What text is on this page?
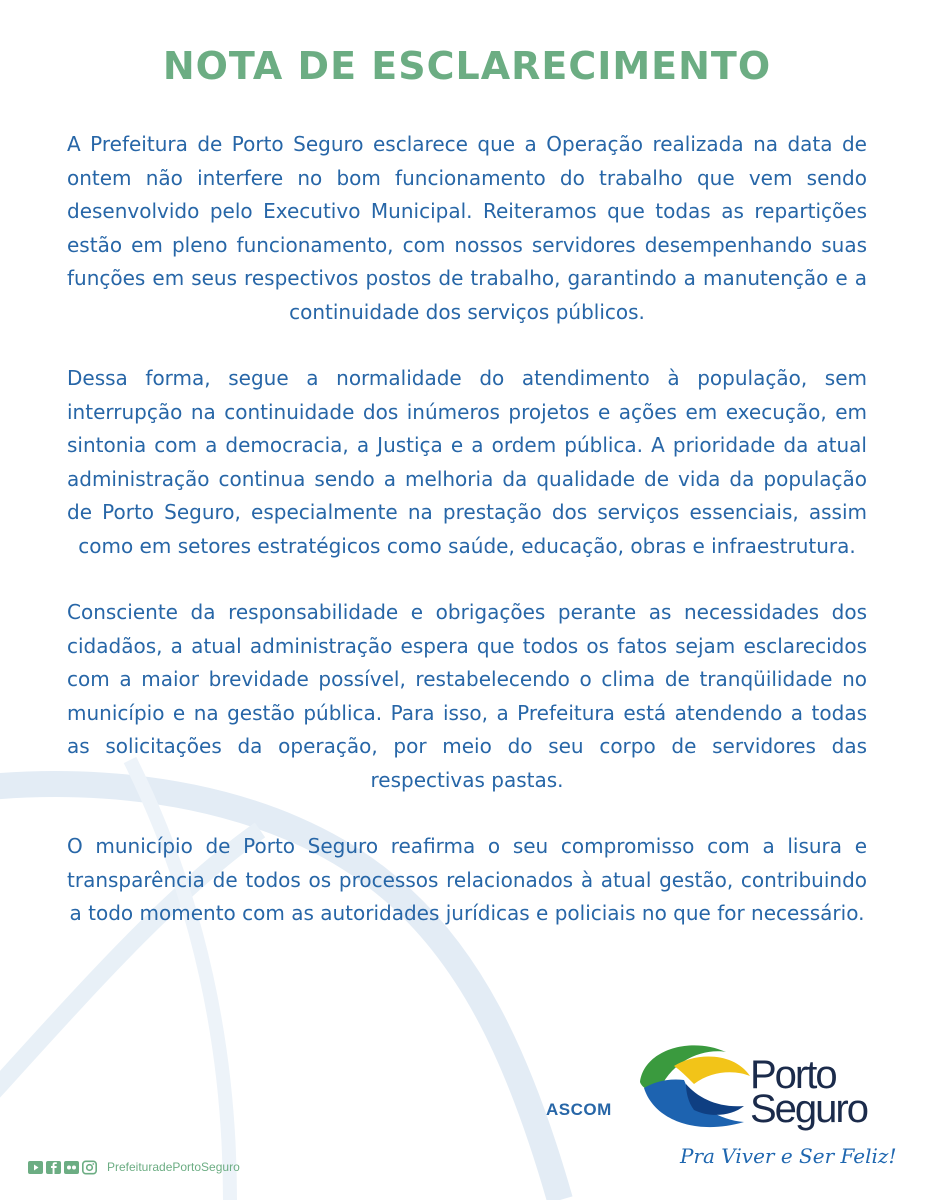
NOTA DE ESCLARECIMENTO

A Prefeitura de Porto Seguro esclarece que a Operação realizada na data de ontem não interfere no bom funcionamento do trabalho que vem sendo desenvolvido pelo Executivo Municipal. Reiteramos que todas as repartições estão em pleno funcionamento, com nossos servidores desempenhando suas funções em seus respectivos postos de trabalho, garantindo a manutenção e a continuidade dos serviços públicos.

Dessa forma, segue a normalidade do atendimento à população, sem interrupção na continuidade dos inúmeros projetos e ações em execução, em sintonia com a democracia, a Justiça e a ordem pública. A prioridade da atual administração continua sendo a melhoria da qualidade de vida da população de Porto Seguro, especialmente na prestação dos serviços essenciais, assim como em setores estratégicos como saúde, educação, obras e infraestrutura.

Consciente da responsabilidade e obrigações perante as necessidades dos cidadãos, a atual administração espera que todos os fatos sejam esclarecidos com a maior brevidade possível, restabelecendo o clima de tranqüilidade no município e na gestão pública. Para isso, a Prefeitura está atendendo a todas as solicitações da operação, por meio do seu corpo de servidores das respectivas pastas.

O município de Porto Seguro reafirma o seu compromisso com a lisura e transparência de todos os processos relacionados à atual gestão, contribuindo a todo momento com as autoridades jurídicas e policiais no que for necessário.

ASCOM
Porto
Seguro
Pra Viver e Ser Feliz!
PrefeituradePortoSeguro
